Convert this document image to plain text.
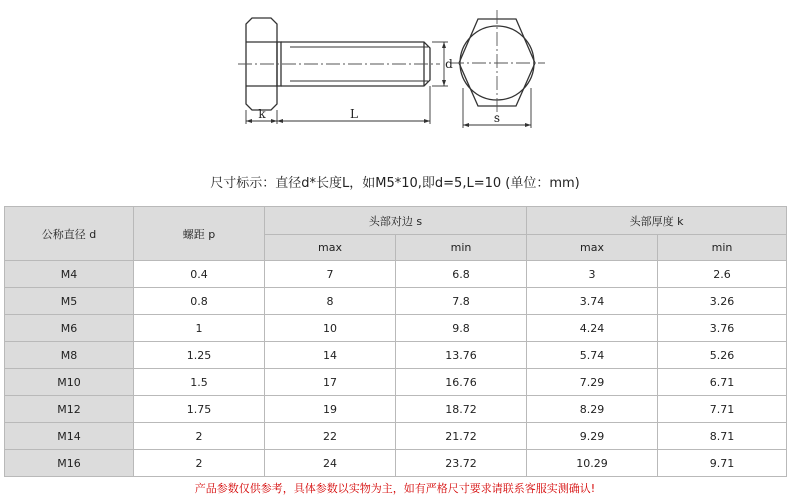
k	L
d
s
尺寸标示：直径d*长度L，如M5*10,即d=5,L=10 (单位：mm)
公称直径 d	螺距 p	头部对边 s		头部厚度 k	
		max	min	max	min
M4	0.4	7	6.8	3	2.6
M5	0.8	8	7.8	3.74	3.26
M6	1	10	9.8	4.24	3.76
M8	1.25	14	13.76	5.74	5.26
M10	1.5	17	16.76	7.29	6.71
M12	1.75	19	18.72	8.29	7.71
M14	2	22	21.72	9.29	8.71
M16	2	24	23.72	10.29	9.71
产品参数仅供参考，具体参数以实物为主，如有严格尺寸要求请联系客服实测确认!
